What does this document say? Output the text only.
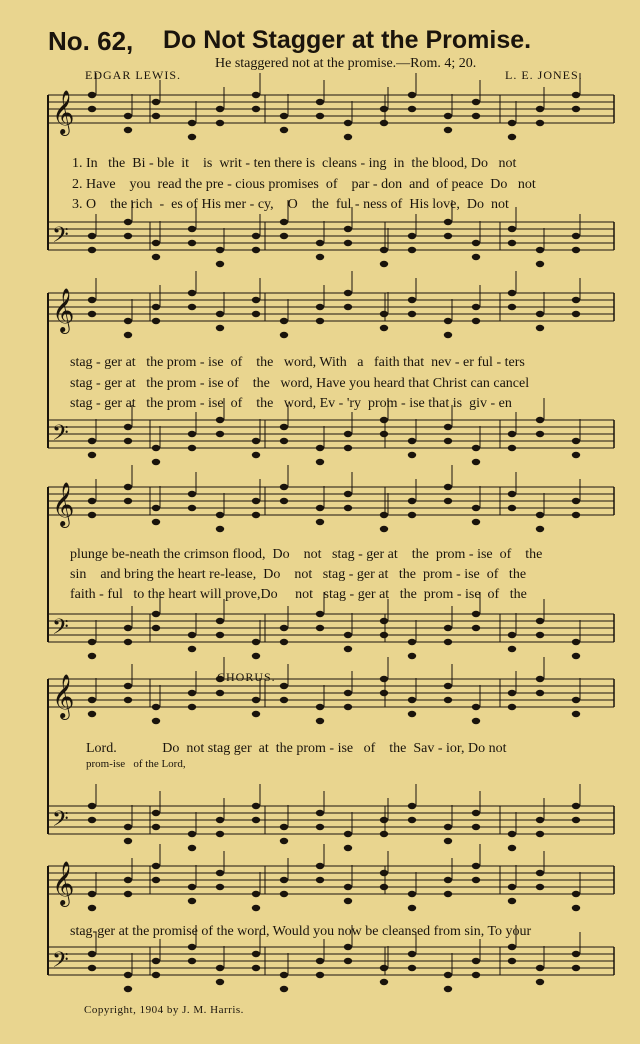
𝄞
𝄢
𝄞
𝄢
𝄞
𝄢
𝄞
𝄢
𝄞
𝄢
No. 62, Do Not Stagger at the Promise.
He staggered not at the promise.—Rom. 4; 20.
EDGAR LEWIS.	L. E. JONES.
1. In   the  Bi - ble  it    is  writ - ten there is  cleans - ing  in  the blood, Do   not
2. Have    you  read the pre - cious promises  of    par - don  and  of peace  Do   not
3. O    the rich  -  es of His mer - cy,    O    the  ful - ness of  His love,  Do  not
stag - ger at   the prom - ise  of    the   word, With   a   faith that  nev - er ful - ters
stag - ger at   the prom - ise of    the   word, Have you heard that Christ can cancel
stag - ger at   the prom - ise  of    the   word, Ev - 'ry  prom - ise that is  giv - en
plunge be-neath the crimson flood,  Do    not   stag - ger at    the  prom - ise  of    the
sin    and bring the heart re-lease,  Do    not   stag - ger at   the  prom - ise  of   the
faith - ful   to the heart will prove,Do     not   stag - ger at   the  prom - ise  of   the
CHORUS.
Lord.             Do  not stag ger  at  the prom - ise   of    the  Sav - ior, Do not
prom-ise   of the Lord,
stag-ger at the promise of the word, Would you now be cleansed from sin, To your
Copyright, 1904 by J. M. Harris.
